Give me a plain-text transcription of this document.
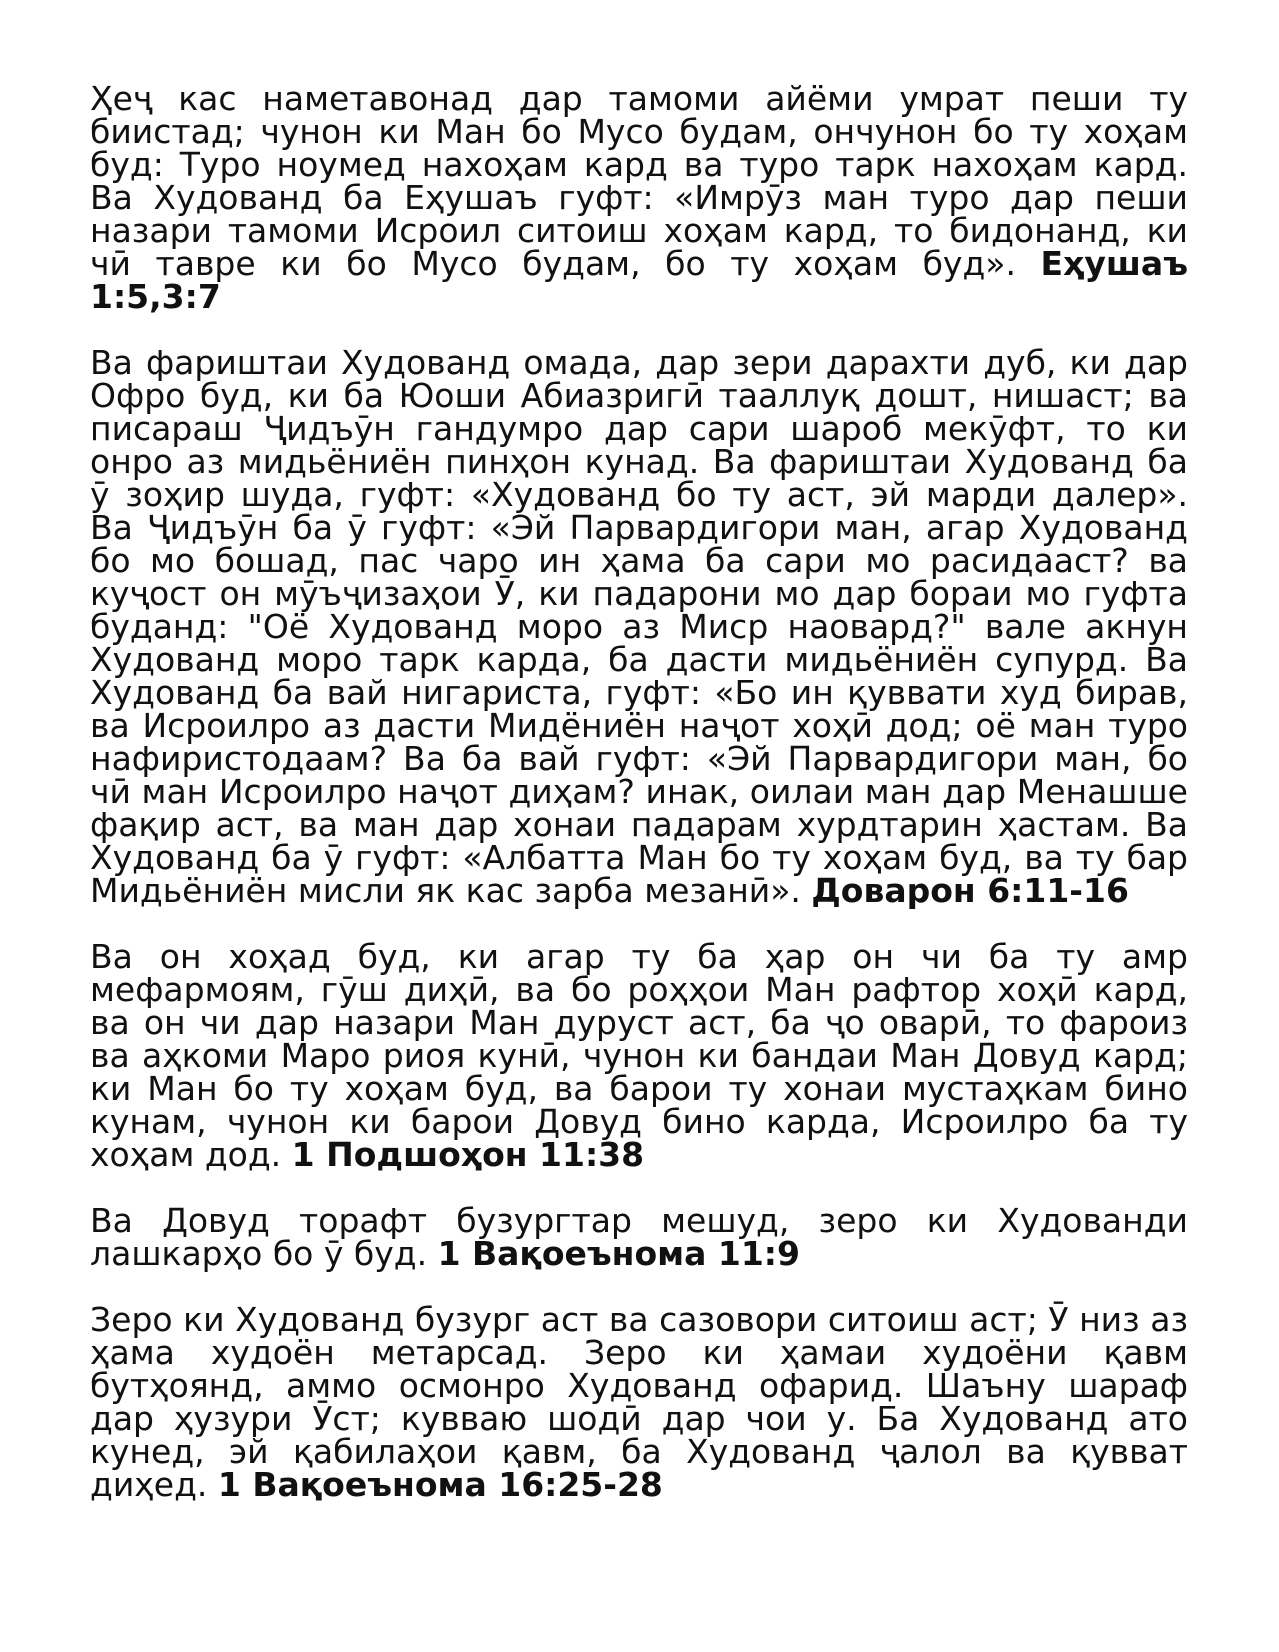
Ҳеҷ кас наметавонад дар тамоми айёми умрат пеши ту биистад; чунон ки Ман бо Мусо будам, ончунон бо ту хоҳам буд: Туро ноумед нахоҳам кард ва туро тарк нахоҳам кард. Ва Худованд ба Еҳушаъ гуфт: «Имрӯз ман туро дар пеши назари тамоми Исроил ситоиш хоҳам кард, то бидонанд, ки чӣ тавре ки бо Мусо будам, бо ту хоҳам буд». Еҳушаъ 1:5,3:7

Ва фариштаи Худованд омада, дар зери дарахти дуб, ки дар Офро буд, ки ба Юоши Абиазригӣ тааллуқ дошт, нишаст; ва писараш Ҷидъӯн гандумро дар сари шароб мекӯфт, то ки онро аз мидьёниён пинҳон кунад. Ва фариштаи Худованд ба ӯ зоҳир шуда, гуфт: «Худованд бо ту аст, эй марди далер». Ва Ҷидъӯн ба ӯ гуфт: «Эй Парвардигори ман, агар Худованд бо мо бошад, пас чаро ин ҳама ба сари мо расидааст? ва куҷост он мӯъҷизаҳои Ӯ, ки падарони мо дар бораи мо гуфта буданд: "Оё Худованд моро аз Миср наовард?" вале акнун Худованд моро тарк карда, ба дасти мидьёниён супурд. Ва Худованд ба вай нигариста, гуфт: «Бо ин қуввати худ бирав, ва Исроилро аз дасти Мидёниён наҷот хоҳӣ дод; оё ман туро нафиристодаам? Ва ба вай гуфт: «Эй Парвардигори ман, бо чӣ ман Исроилро наҷот диҳам? инак, оилаи ман дар Менашше фақир аст, ва ман дар хонаи падарам хурдтарин ҳастам. Ва Худованд ба ӯ гуфт: «Албатта Ман бо ту хоҳам буд, ва ту бар Мидьёниён мисли як кас зарба мезанӣ». Доварон 6:11-16

Ва он хоҳад буд, ки агар ту ба ҳар он чи ба ту амр мефармоям, гӯш диҳӣ, ва бо роҳҳои Ман рафтор хоҳӣ кард, ва он чи дар назари Ман дуруст аст, ба ҷо оварӣ, то фароиз ва аҳкоми Маро риоя кунӣ, чунон ки бандаи Ман Довуд кард; ки Ман бо ту хоҳам буд, ва барои ту хонаи мустаҳкам бино кунам, чунон ки барои Довуд бино карда, Исроилро ба ту хоҳам дод. 1 Подшоҳон 11:38

Ва Довуд торафт бузургтар мешуд, зеро ки Худованди лашкарҳо бо ӯ буд. 1 Вақоеънома 11:9

Зеро ки Худованд бузург аст ва сазовори ситоиш аст; Ӯ низ аз ҳама худоён метарсад. Зеро ки ҳамаи худоёни қавм бутҳоянд, аммо осмонро Худованд офарид. Шаъну шараф дар ҳузури Ӯст; кувваю шодӣ дар чои у. Ба Худованд ато кунед, эй қабилаҳои қавм, ба Худованд ҷалол ва қувват диҳед. 1 Вақоеънома 16:25-28
